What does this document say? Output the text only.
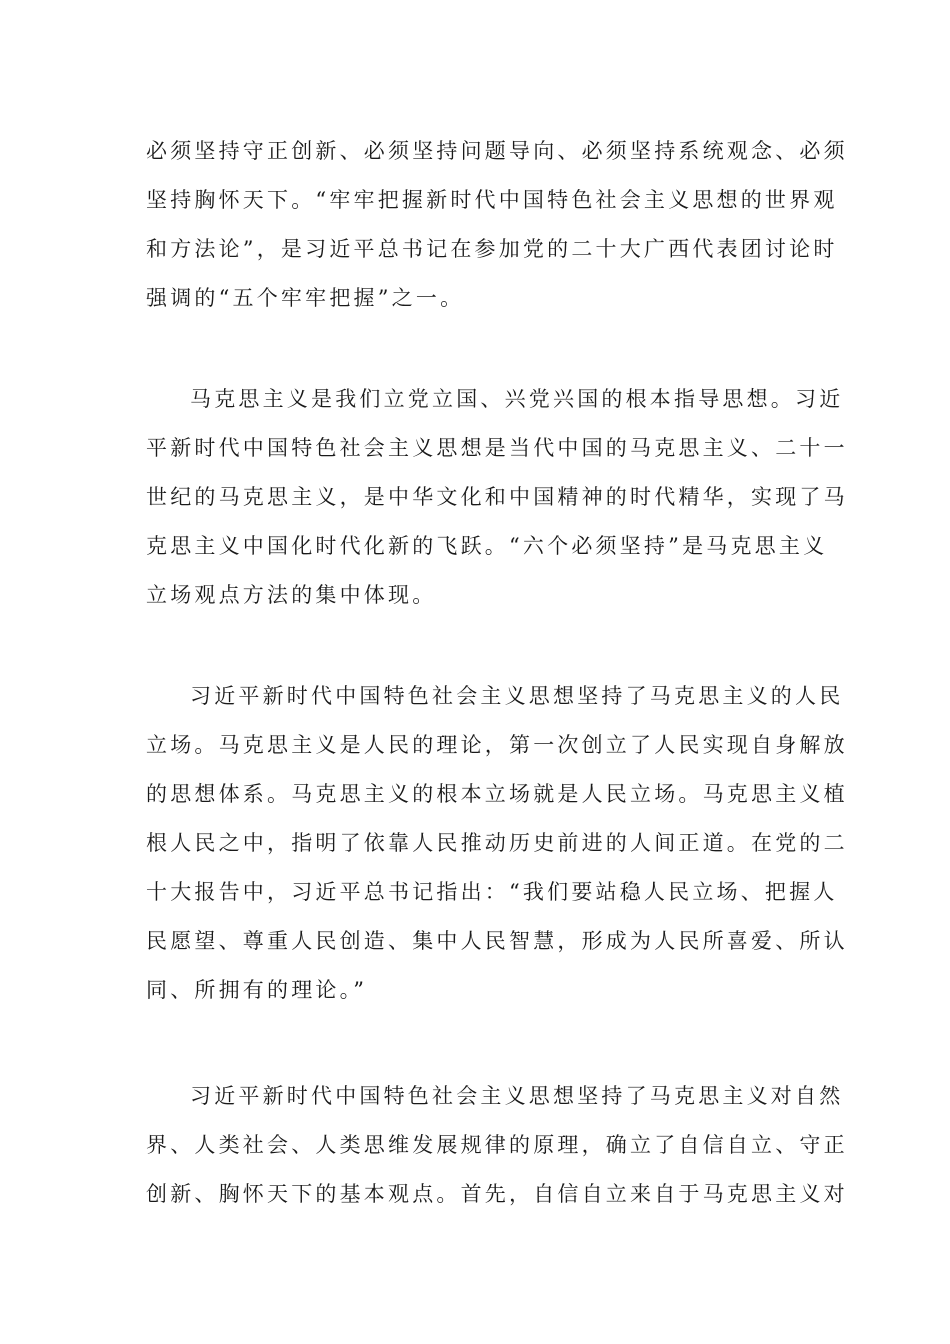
必须坚持守正创新、必须坚持问题导向、必须坚持系统观念、必须
坚持胸怀天下。“牢牢把握新时代中国特色社会主义思想的世界观
和方法论”，是习近平总书记在参加党的二十大广西代表团讨论时
强调的“五个牢牢把握”之一。

马克思主义是我们立党立国、兴党兴国的根本指导思想。习近
平新时代中国特色社会主义思想是当代中国的马克思主义、二十一
世纪的马克思主义，是中华文化和中国精神的时代精华，实现了马
克思主义中国化时代化新的飞跃。“六个必须坚持”是马克思主义
立场观点方法的集中体现。

习近平新时代中国特色社会主义思想坚持了马克思主义的人民
立场。马克思主义是人民的理论，第一次创立了人民实现自身解放
的思想体系。马克思主义的根本立场就是人民立场。马克思主义植
根人民之中，指明了依靠人民推动历史前进的人间正道。在党的二
十大报告中，习近平总书记指出：“我们要站稳人民立场、把握人
民愿望、尊重人民创造、集中人民智慧，形成为人民所喜爱、所认
同、所拥有的理论。”

习近平新时代中国特色社会主义思想坚持了马克思主义对自然
界、人类社会、人类思维发展规律的原理，确立了自信自立、守正
创新、胸怀天下的基本观点。首先，自信自立来自于马克思主义对
